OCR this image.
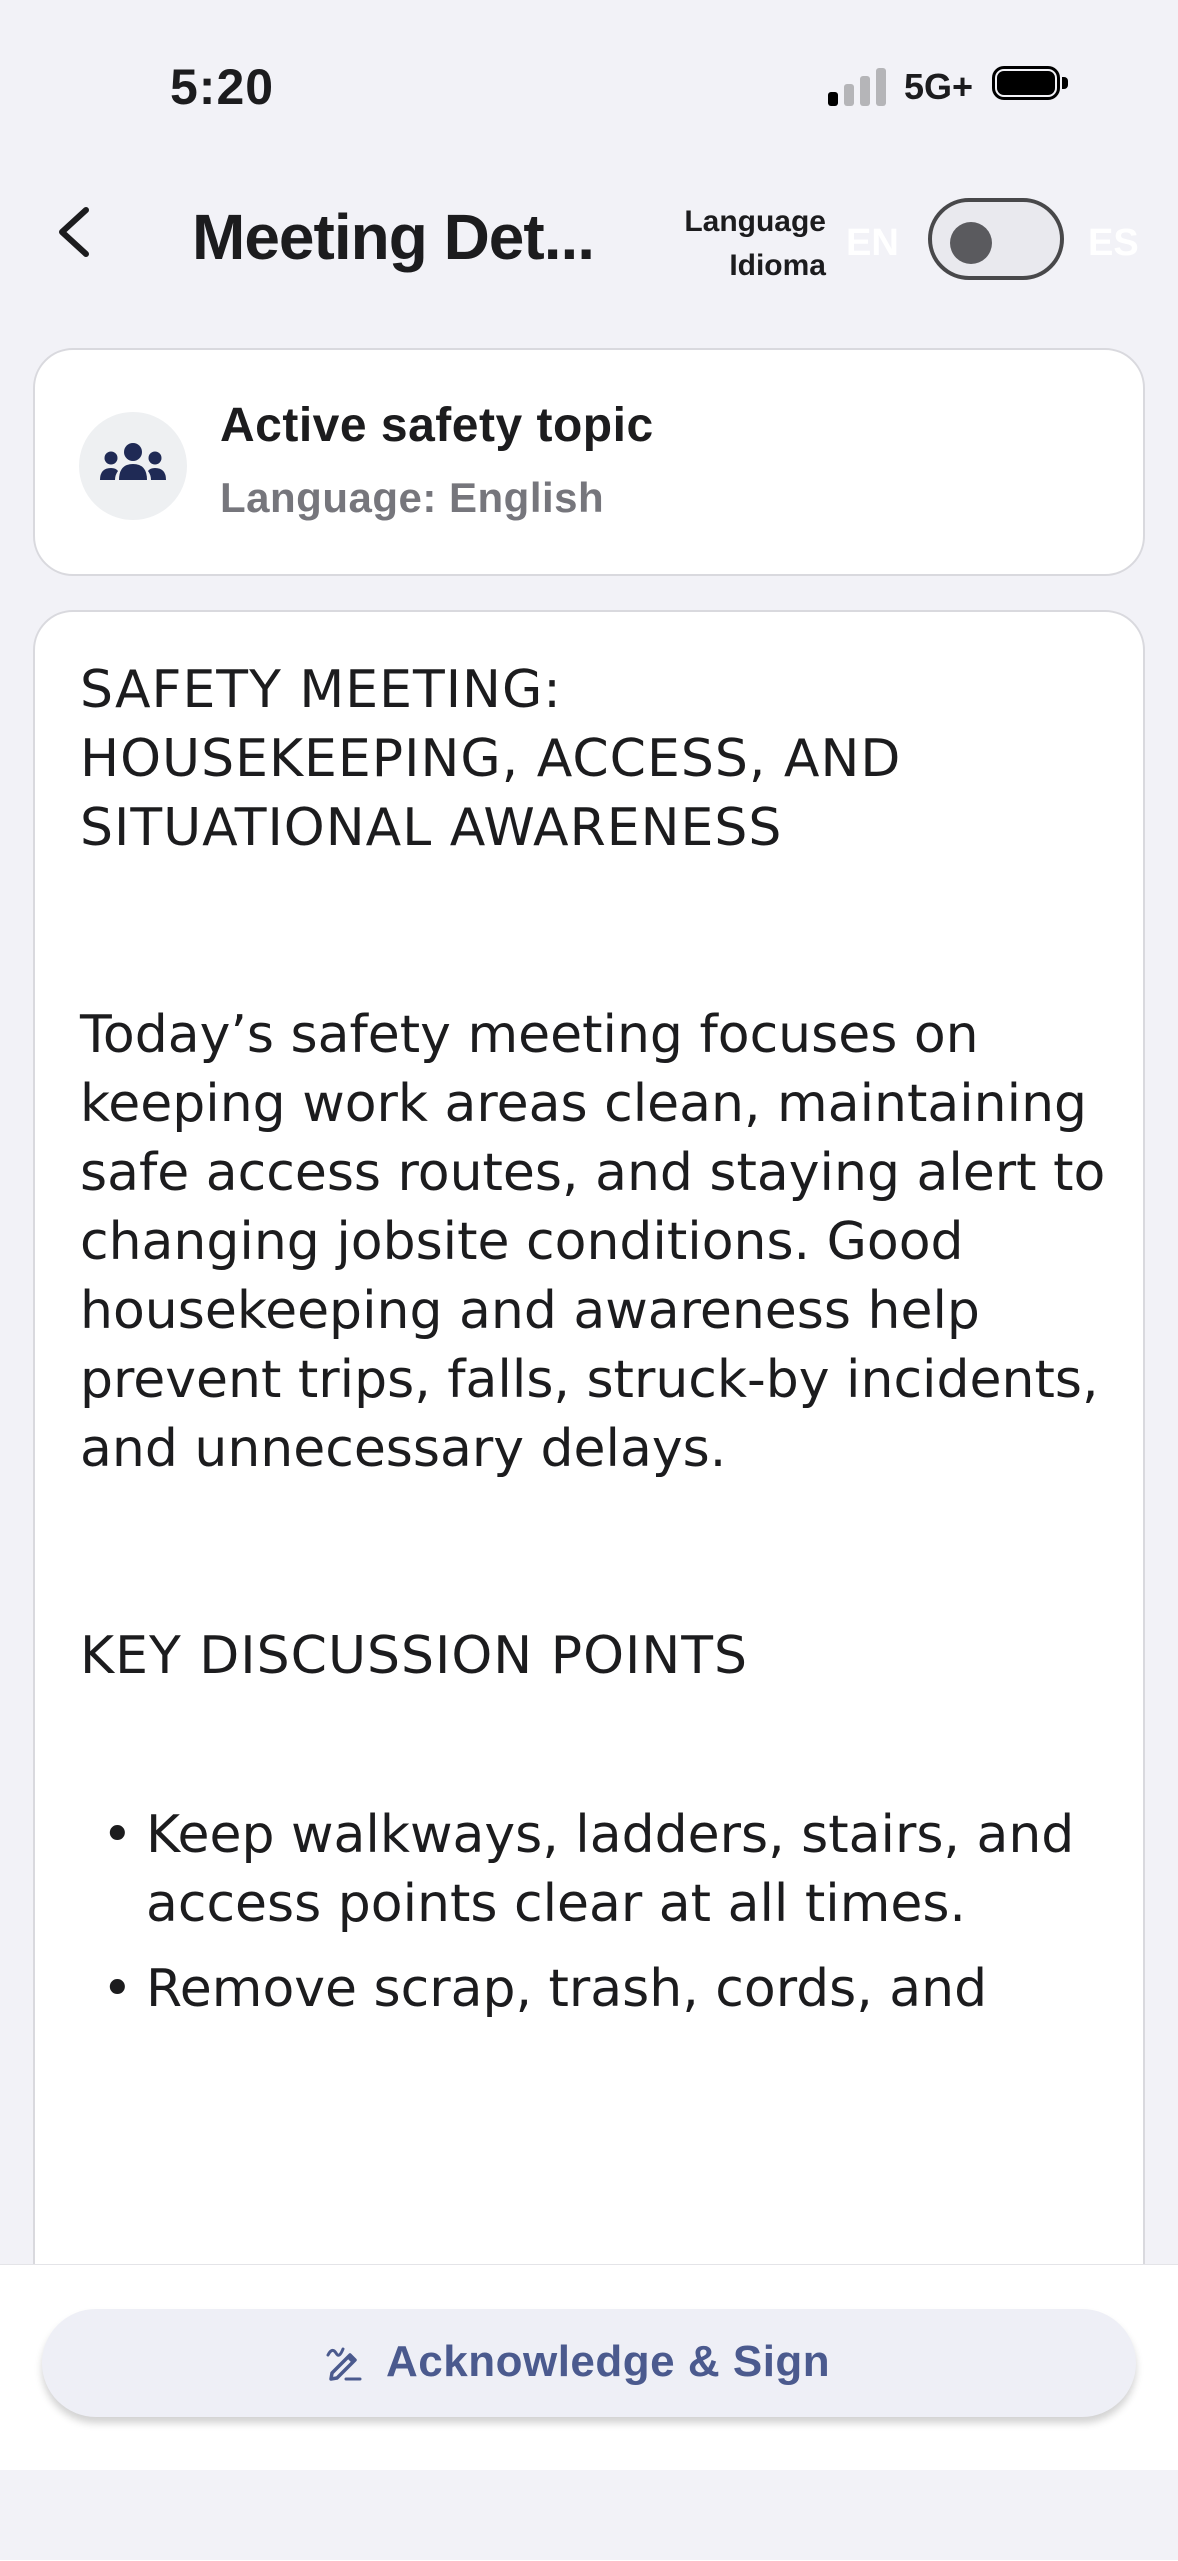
5:20	5G+
Meeting Det...	Language
Idioma
EN	ES
Active safety topic
Language: English

SAFETY MEETING:

HOUSEKEEPING, ACCESS, AND

SITUATIONAL AWARENESS

Today’s safety meeting focuses on keeping work areas clean, maintaining safe access routes, and staying alert to changing jobsite conditions. Good housekeeping and awareness help prevent trips, falls, struck-by incidents, and unnecessary delays.

KEY DISCUSSION POINTS

• Keep walkways, ladders, stairs, and access points clear at all times.
• Remove scrap, trash, cords, and
Acknowledge & Sign
